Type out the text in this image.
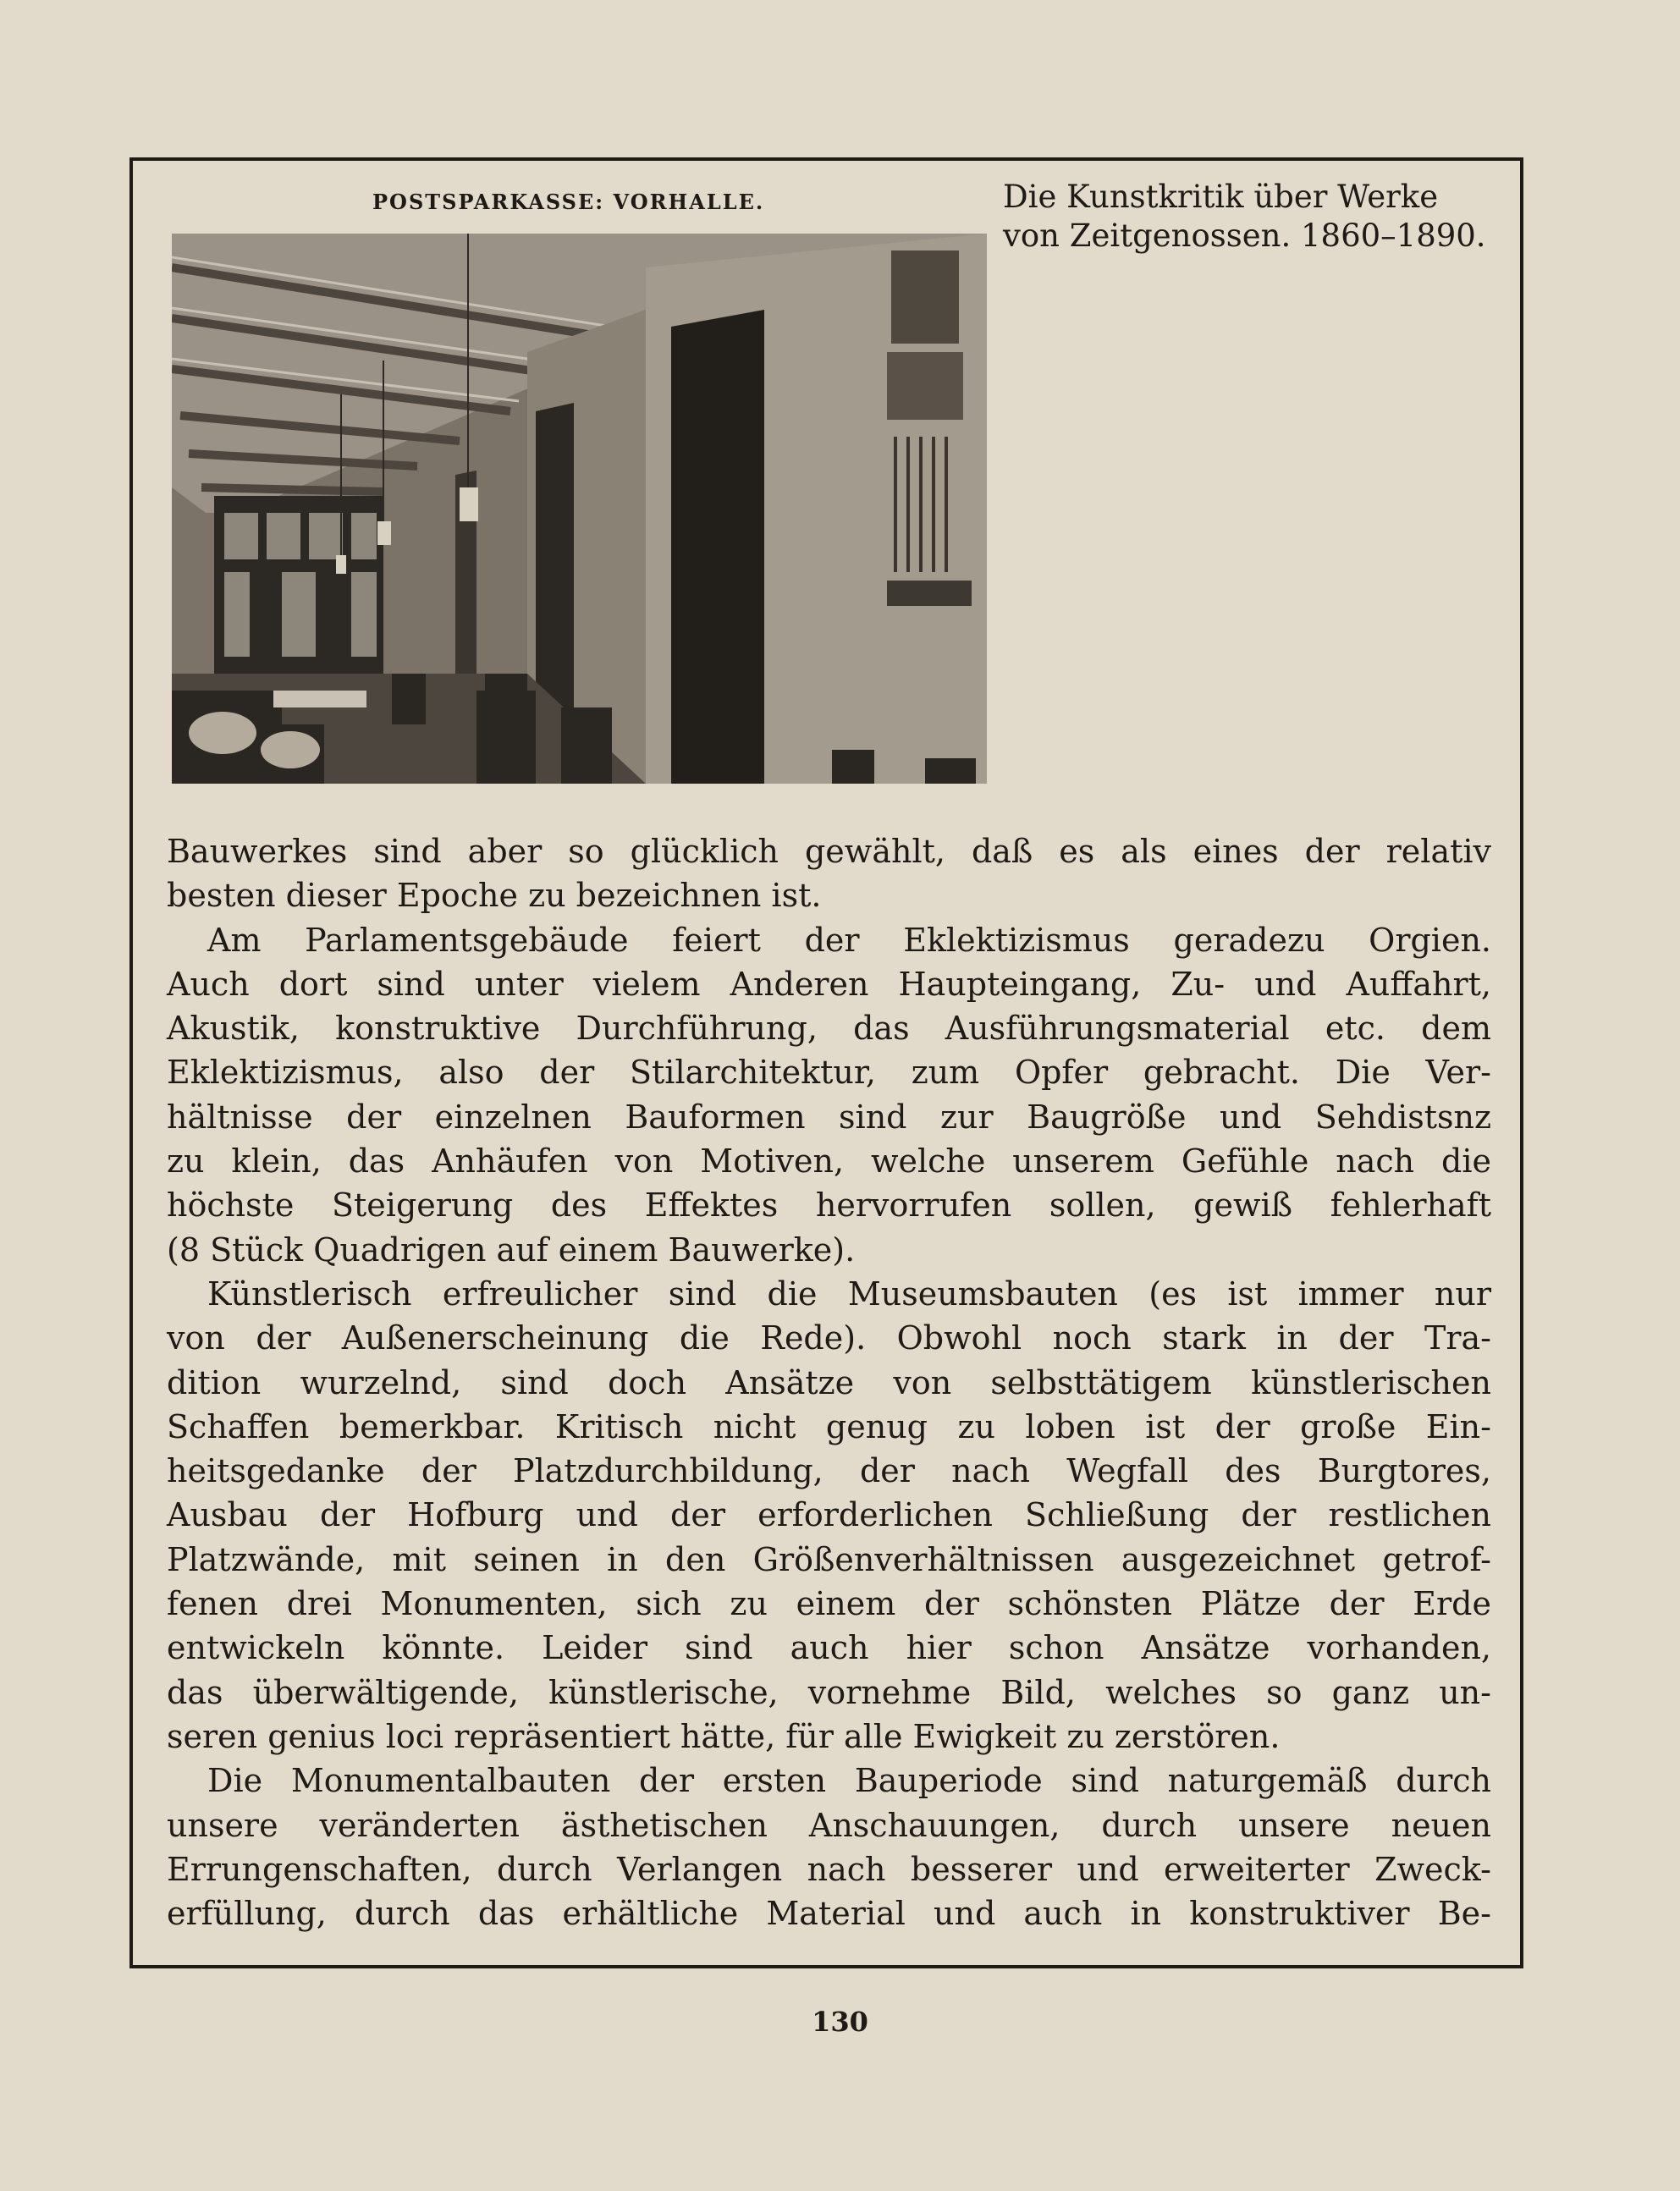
POSTSPARKASSE: VORHALLE.	Die Kunstkritik über Werke
von Zeitgenossen. 1860–1890.
Bauwerkes sind aber so glücklich gewählt, daß es als eines der relativ
besten dieser Epoche zu bezeichnen ist.
Am Parlamentsgebäude feiert der Eklektizismus geradezu Orgien.
Auch dort sind unter vielem Anderen Haupteingang, Zu- und Auffahrt,
Akustik, konstruktive Durchführung, das Ausführungsmaterial etc. dem
Eklektizismus, also der Stilarchitektur, zum Opfer gebracht. Die Ver-
hältnisse der einzelnen Bauformen sind zur Baugröße und Sehdistsnz
zu klein, das Anhäufen von Motiven, welche unserem Gefühle nach die
höchste Steigerung des Effektes hervorrufen sollen, gewiß fehlerhaft
(8 Stück Quadrigen auf einem Bauwerke).
Künstlerisch erfreulicher sind die Museumsbauten (es ist immer nur
von der Außenerscheinung die Rede). Obwohl noch stark in der Tra-
dition wurzelnd, sind doch Ansätze von selbsttätigem künstlerischen
Schaffen bemerkbar. Kritisch nicht genug zu loben ist der große Ein-
heitsgedanke der Platzdurchbildung, der nach Wegfall des Burgtores,
Ausbau der Hofburg und der erforderlichen Schließung der restlichen
Platzwände, mit seinen in den Größenverhältnissen ausgezeichnet getrof-
fenen drei Monumenten, sich zu einem der schönsten Plätze der Erde
entwickeln könnte. Leider sind auch hier schon Ansätze vorhanden,
das überwältigende, künstlerische, vornehme Bild, welches so ganz un-
seren genius loci repräsentiert hätte, für alle Ewigkeit zu zerstören.
Die Monumentalbauten der ersten Bauperiode sind naturgemäß durch
unsere veränderten ästhetischen Anschauungen, durch unsere neuen
Errungenschaften, durch Verlangen nach besserer und erweiterter Zweck-
erfüllung, durch das erhältliche Material und auch in konstruktiver Be-
130
